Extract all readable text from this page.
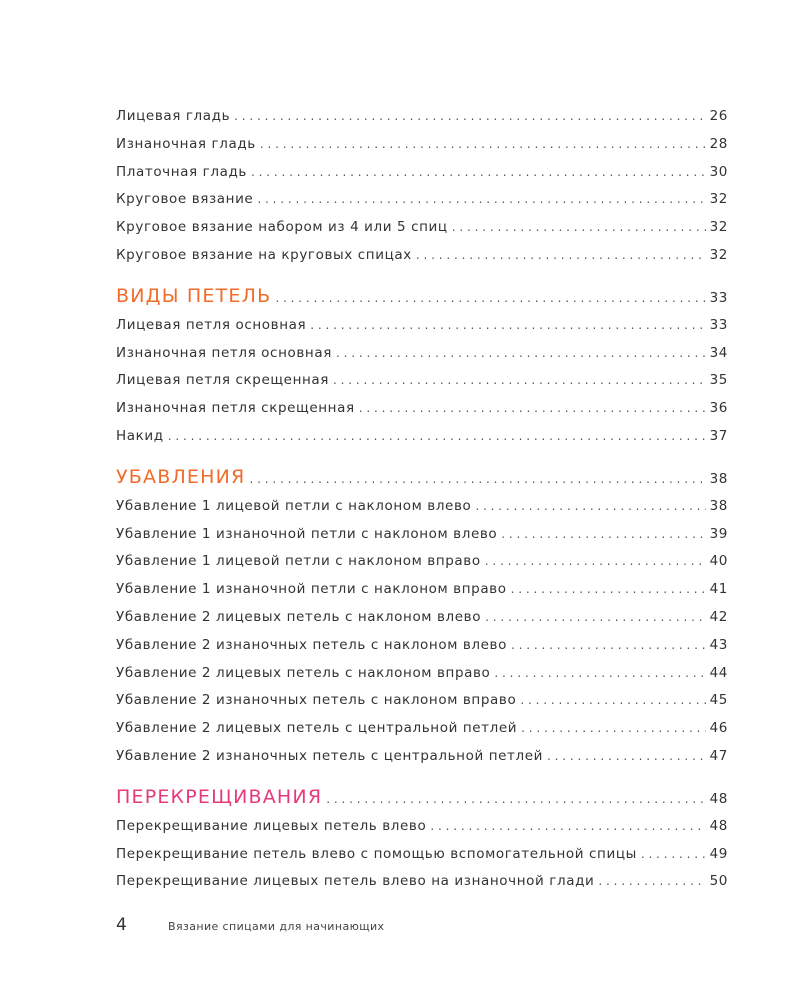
Лицевая гладь . . .	26
Изнаночная гладь . . .	28
Платочная гладь . . .	30
Круговое вязание . . .	32
Круговое вязание набором из 4 или 5 спиц . . .	32
Круговое вязание на круговых спицах . . .	32
ВИДЫ ПЕТЕЛЬ . . .	33
Лицевая петля основная . . .	33
Изнаночная петля основная . . .	34
Лицевая петля скрещенная . . .	35
Изнаночная петля скрещенная . . .	36
Накид . . .	37
УБАВЛЕНИЯ . . .	38
Убавление 1 лицевой петли с наклоном влево . . .	38
Убавление 1 изнаночной петли с наклоном влево . . .	39
Убавление 1 лицевой петли с наклоном вправо . . .	40
Убавление 1 изнаночной петли с наклоном вправо . . .	41
Убавление 2 лицевых петель с наклоном влево . . .	42
Убавление 2 изнаночных петель с наклоном влево . . .	43
Убавление 2 лицевых петель с наклоном вправо . . .	44
Убавление 2 изнаночных петель с наклоном вправо . . .	45
Убавление 2 лицевых петель с центральной петлей . . .	46
Убавление 2 изнаночных петель с центральной петлей . . .	47
ПЕРЕКРЕЩИВАНИЯ . . .	48
Перекрещивание лицевых петель влево . . .	48
Перекрещивание петель влево с помощью вспомогательной спицы . . .	49
Перекрещивание лицевых петель влево на изнаночной глади . . .	50
4	Вязание спицами для начинающих
